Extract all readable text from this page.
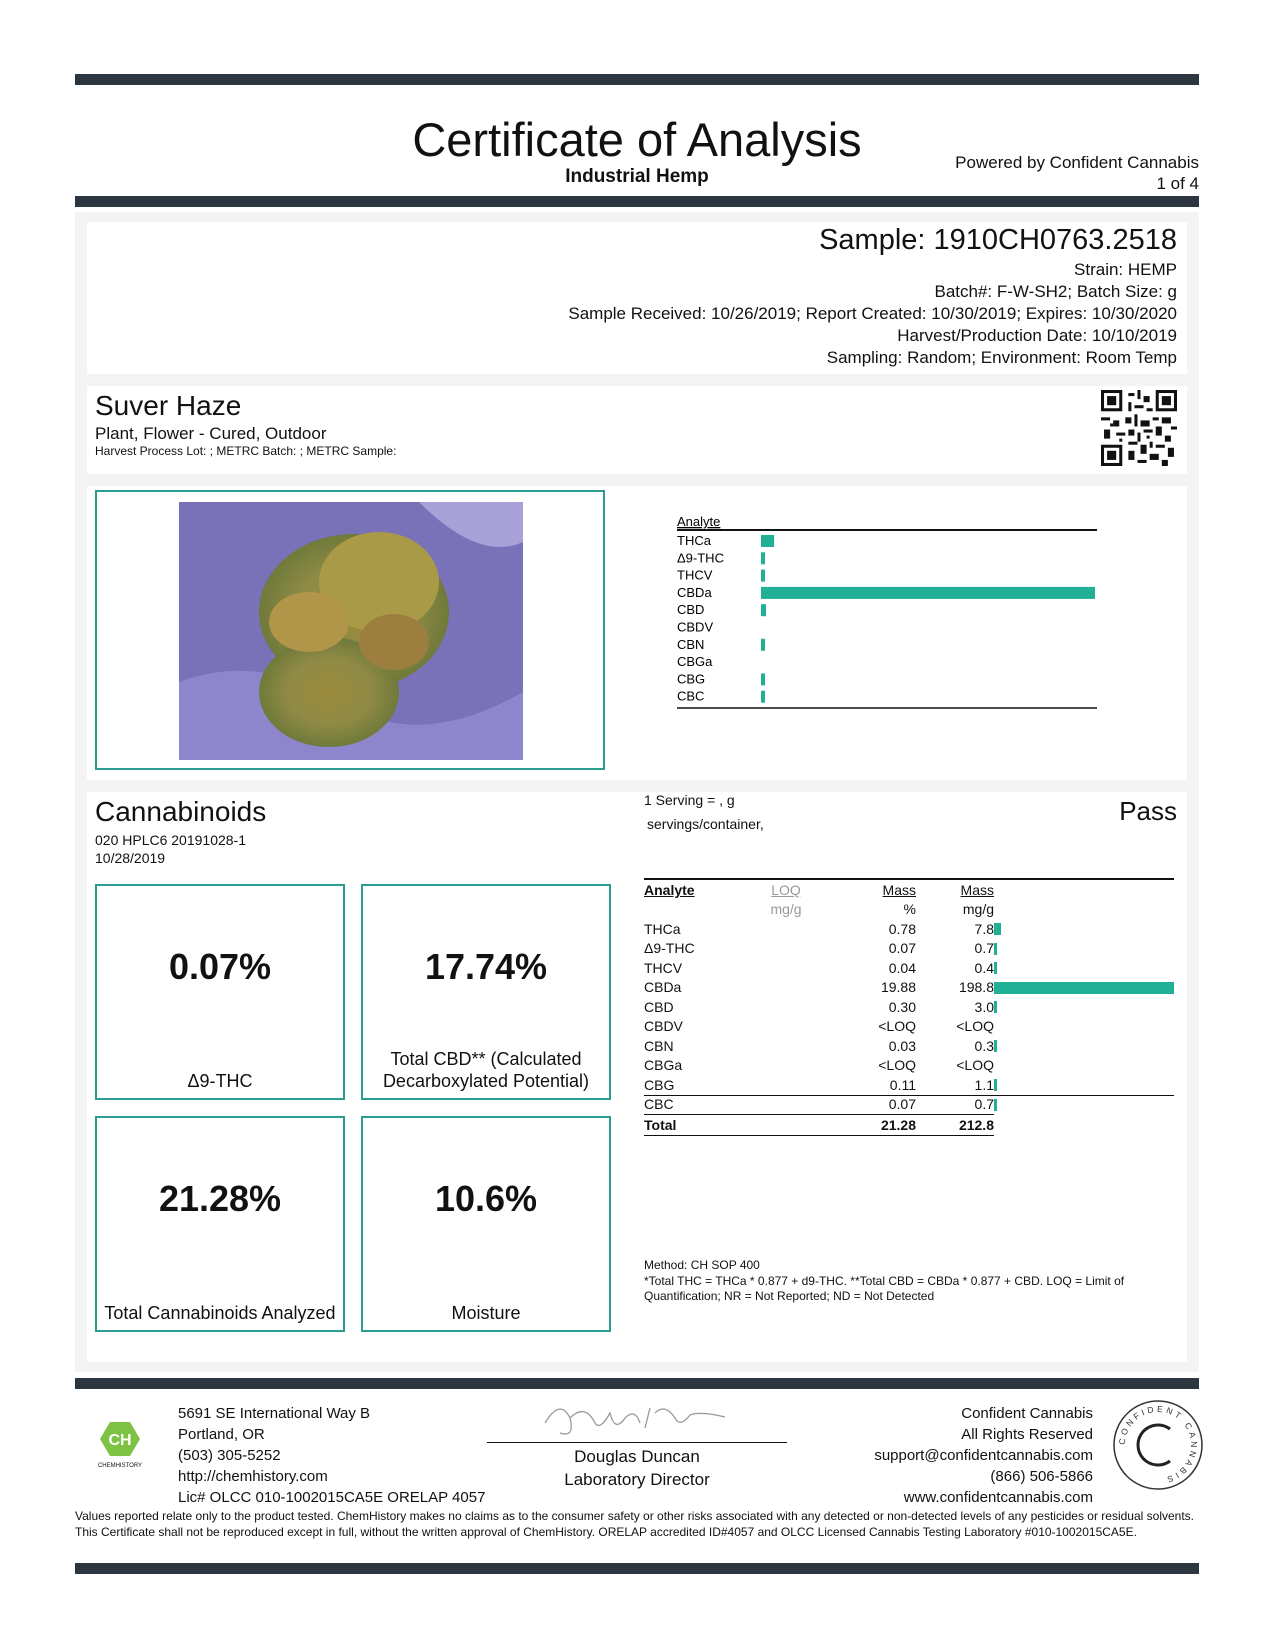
Certificate of Analysis
Industrial Hemp
Powered by Confident Cannabis
1 of 4
Sample: 1910CH0763.2518
Strain: HEMP
Batch#: F-W-SH2; Batch Size: g
Sample Received: 10/26/2019; Report Created: 10/30/2019; Expires: 10/30/2020
Harvest/Production Date: 10/10/2019
Sampling: Random; Environment: Room Temp
Suver Haze
Plant, Flower - Cured, Outdoor
Harvest Process Lot: ; METRC Batch: ; METRC Sample:
Analyte
THCa
Δ9-THC
THCV
CBDa
CBD
CBDV
CBN
CBGa
CBG
CBC
Cannabinoids
020 HPLC6 20191028-1
10/28/2019
1 Serving = , g
servings/container,	Pass
0.07%
Δ9-THC
17.74%
Total CBD** (Calculated Decarboxylated Potential)
21.28%
Total Cannabinoids Analyzed
10.6%
Moisture
Analyte	LOQ	Mass	Mass
	mg/g	%	mg/g
THCa		0.78	7.8
Δ9-THC		0.07	0.7
THCV		0.04	0.4
CBDa		19.88	198.8
CBD		0.30	3.0
CBDV		<LOQ	<LOQ
CBN		0.03	0.3
CBGa		<LOQ	<LOQ
CBG		0.11	1.1
CBC		0.07	0.7
Total		21.28	212.8
Method: CH SOP 400
*Total THC = THCa * 0.877 + d9-THC. **Total CBD = CBDa * 0.877 + CBD. LOQ = Limit of Quantification; NR = Not Reported; ND = Not Detected
CH
CHEMHISTORY
5691 SE International Way B
Portland, OR
(503) 305-5252
http://chemhistory.com
Lic# OLCC 010-1002015CA5E ORELAP 4057
Douglas Duncan
Laboratory Director
Confident Cannabis
All Rights Reserved
support@confidentcannabis.com
(866) 506-5866
www.confidentcannabis.com
CONFIDENT CANNABIS
Values reported relate only to the product tested. ChemHistory makes no claims as to the consumer safety or other risks associated with any detected or non-detected levels of any pesticides or residual solvents. This Certificate shall not be reproduced except in full, without the written approval of ChemHistory. ORELAP accredited ID#4057 and OLCC Licensed Cannabis Testing Laboratory #010-1002015CA5E.
